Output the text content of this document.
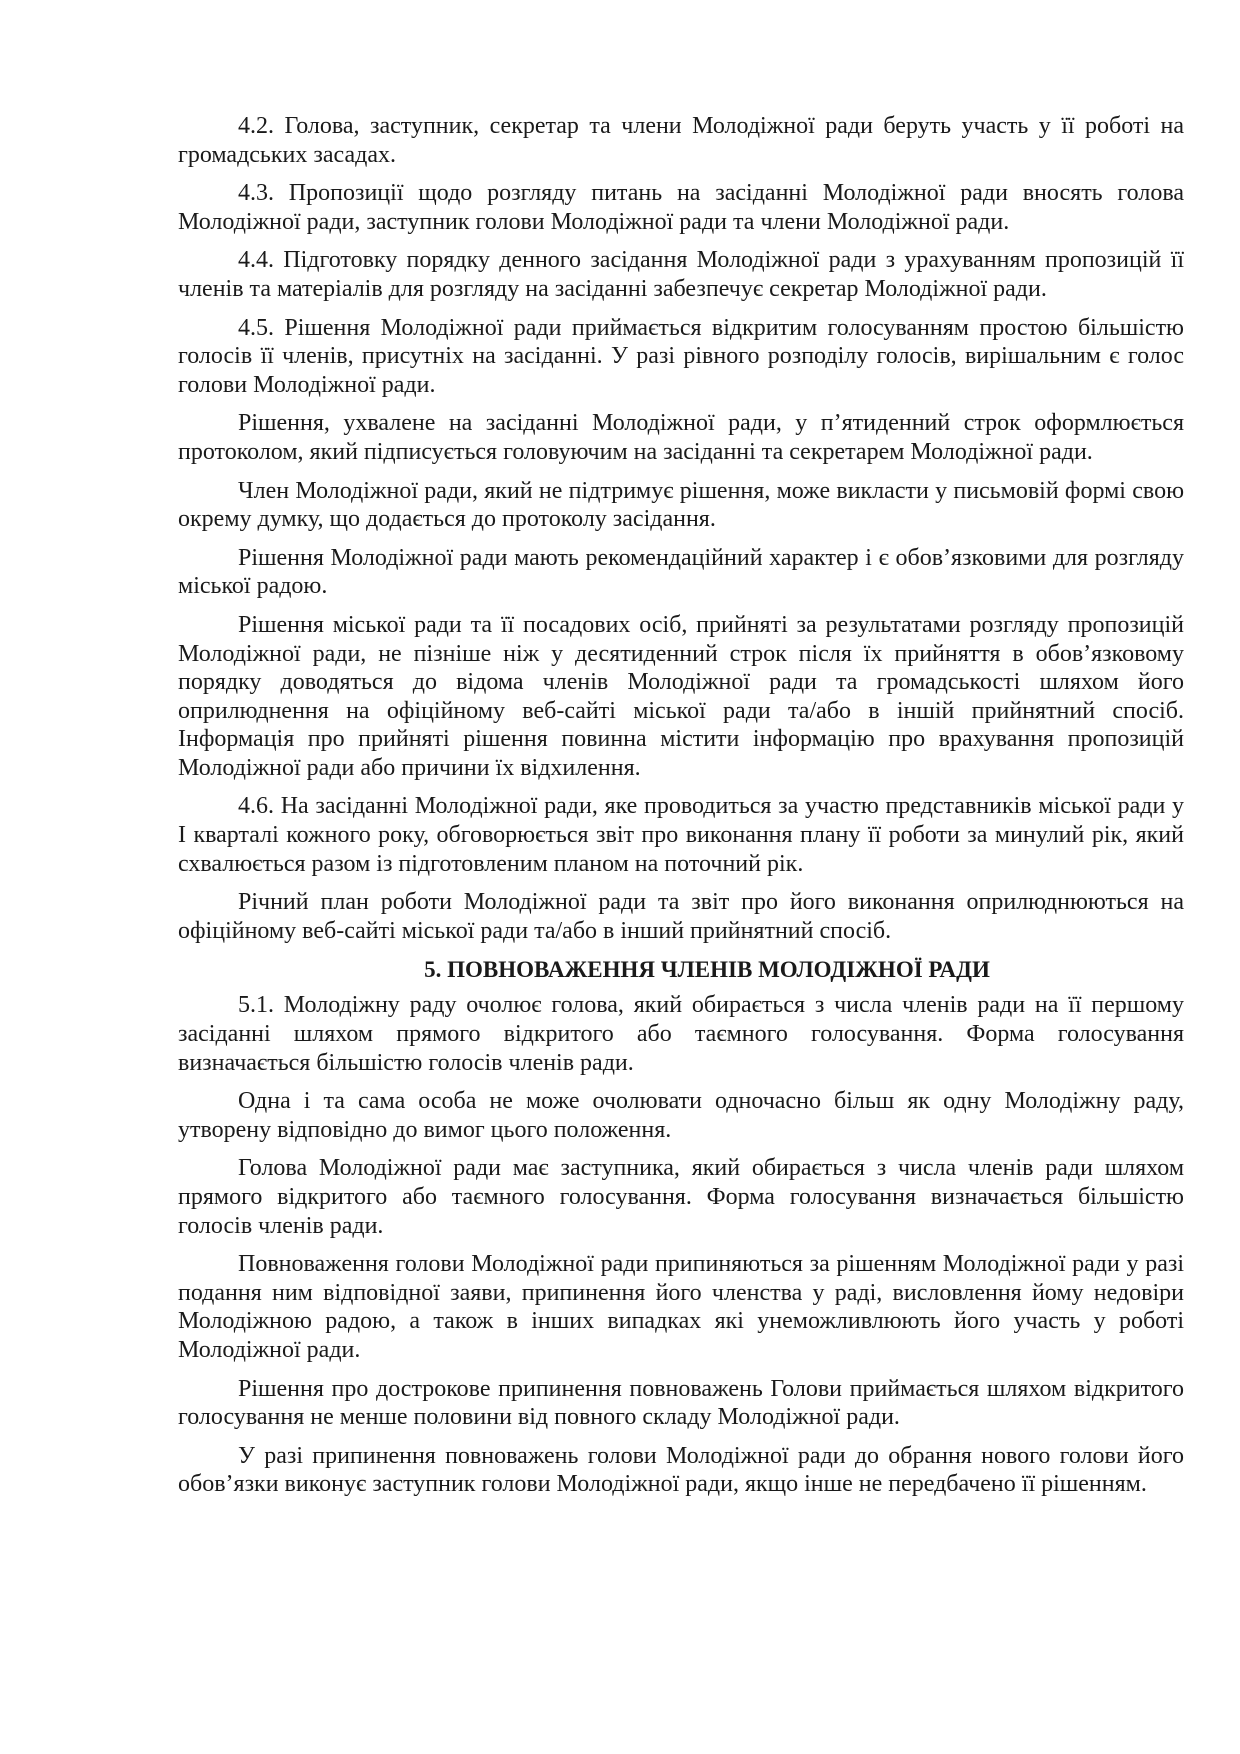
4.2. Голова, заступник, секретар та члени Молодіжної ради беруть участь у її роботі на громадських засадах.

4.3. Пропозиції щодо розгляду питань на засіданні Молодіжної ради вносять голова Молодіжної ради, заступник голови Молодіжної ради та члени Молодіжної ради.

4.4. Підготовку порядку денного засідання Молодіжної ради з урахуванням пропозицій її членів та матеріалів для розгляду на засіданні забезпечує секретар Молодіжної ради.

4.5. Рішення Молодіжної ради приймається відкритим голосуванням простою більшістю голосів її членів, присутніх на засіданні. У разі рівного розподілу голосів, вирішальним є голос голови Молодіжної ради.

Рішення, ухвалене на засіданні Молодіжної ради, у п’ятиденний строк оформлюється протоколом, який підписується головуючим на засіданні та секретарем Молодіжної ради.

Член Молодіжної ради, який не підтримує рішення, може викласти у письмовій формі свою окрему думку, що додається до протоколу засідання.

Рішення Молодіжної ради мають рекомендаційний характер і є обов’язковими для розгляду міської радою.

Рішення міської ради та її посадових осіб, прийняті за результатами розгляду пропозицій Молодіжної ради, не пізніше ніж у десятиденний строк після їх прийняття в обов’язковому порядку доводяться до відома членів Молодіжної ради та громадськості шляхом його оприлюднення на офіційному веб-сайті міської ради та/або в іншій прийнятний спосіб. Інформація про прийняті рішення повинна містити інформацію про врахування пропозицій Молодіжної ради або причини їх відхилення.

4.6. На засіданні Молодіжної ради, яке проводиться за участю представників міської ради у І кварталі кожного року, обговорюється звіт про виконання плану її роботи за минулий рік, який схвалюється разом із підготовленим планом на поточний рік.

Річний план роботи Молодіжної ради та звіт про його виконання оприлюднюються на офіційному веб-сайті міської ради та/або в інший прийнятний спосіб.

5. ПОВНОВАЖЕННЯ ЧЛЕНІВ МОЛОДІЖНОЇ РАДИ

5.1. Молодіжну раду очолює голова, який обирається з числа членів ради на її першому засіданні шляхом прямого відкритого або таємного голосування. Форма голосування визначається більшістю голосів членів ради.

Одна і та сама особа не може очолювати одночасно більш як одну Молодіжну раду, утворену відповідно до вимог цього положення.

Голова Молодіжної ради має заступника, який обирається з числа членів ради шляхом прямого відкритого або таємного голосування. Форма голосування визначається більшістю голосів членів ради.

Повноваження голови Молодіжної ради припиняються за рішенням Молодіжної ради у разі подання ним відповідної заяви, припинення його членства у раді, висловлення йому недовіри Молодіжною радою, а також в інших випадках які унеможливлюють його участь у роботі Молодіжної ради.

Рішення про дострокове припинення повноважень Голови приймається шляхом відкритого голосування не менше половини від повного складу Молодіжної ради.

У разі припинення повноважень голови Молодіжної ради до обрання нового голови його обов’язки виконує заступник голови Молодіжної ради, якщо інше не передбачено її рішенням.
